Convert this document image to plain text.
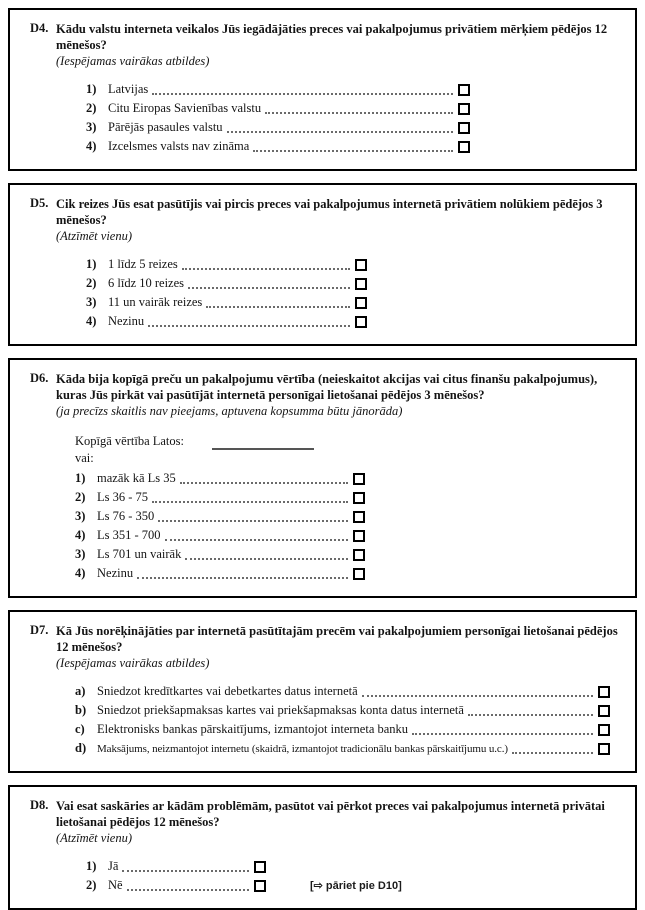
D4. Kādu valstu interneta veikalos Jūs iegādājāties preces vai pakalpojumus privātiem mērķiem pēdējos 12 mēnešos?
(Iespējamas vairākas atbildes)
1) Latvijas
2) Citu Eiropas Savienības valstu
3) Pārējās pasaules valstu
4) Izcelsmes valsts nav zināma
D5. Cik reizes Jūs esat pasūtījis vai pircis preces vai pakalpojumus internetā privātiem nolūkiem pēdējos 3 mēnešos?
(Atzīmēt vienu)
1) 1 līdz 5 reizes
2) 6 līdz 10 reizes
3) 11 un vairāk reizes
4) Nezinu
D6. Kāda bija kopīgā preču un pakalpojumu vērtība (neieskaitot akcijas vai citus finanšu pakalpojumus), kuras Jūs pirkāt vai pasūtījāt internetā personīgai lietošanai pēdējos 3 mēnešos?
(ja precīzs skaitlis nav pieejams, aptuvena kopsumma būtu jānorāda)
Kopīgā vērtība Latos:
vai:
1) mazāk kā Ls 35
2) Ls 36 - 75
3) Ls 76 - 350
4) Ls 351 - 700
3) Ls 701 un vairāk
4) Nezinu
D7. Kā Jūs norēķinājāties par internetā pasūtītajām precēm vai pakalpojumiem personīgai lietošanai pēdējos 12 mēnešos?
(Iespējamas vairākas atbildes)
a) Sniedzot kredītkartes vai debetkartes datus internetā
b) Sniedzot priekšapmaksas kartes vai priekšapmaksas konta datus internetā
c) Elektronisks bankas pārskaitījums, izmantojot interneta banku
d) Maksājums, neizmantojot internetu (skaidrā, izmantojot tradicionālu bankas pārskaitījumu u.c.)
D8. Vai esat saskāries ar kādām problēmām, pasūtot vai pērkot preces vai pakalpojumus internetā privātai lietošanai pēdējos 12 mēnešos?
(Atzīmēt vienu)
1) Jā
2) Nē	[⇨ pāriet pie D10]
